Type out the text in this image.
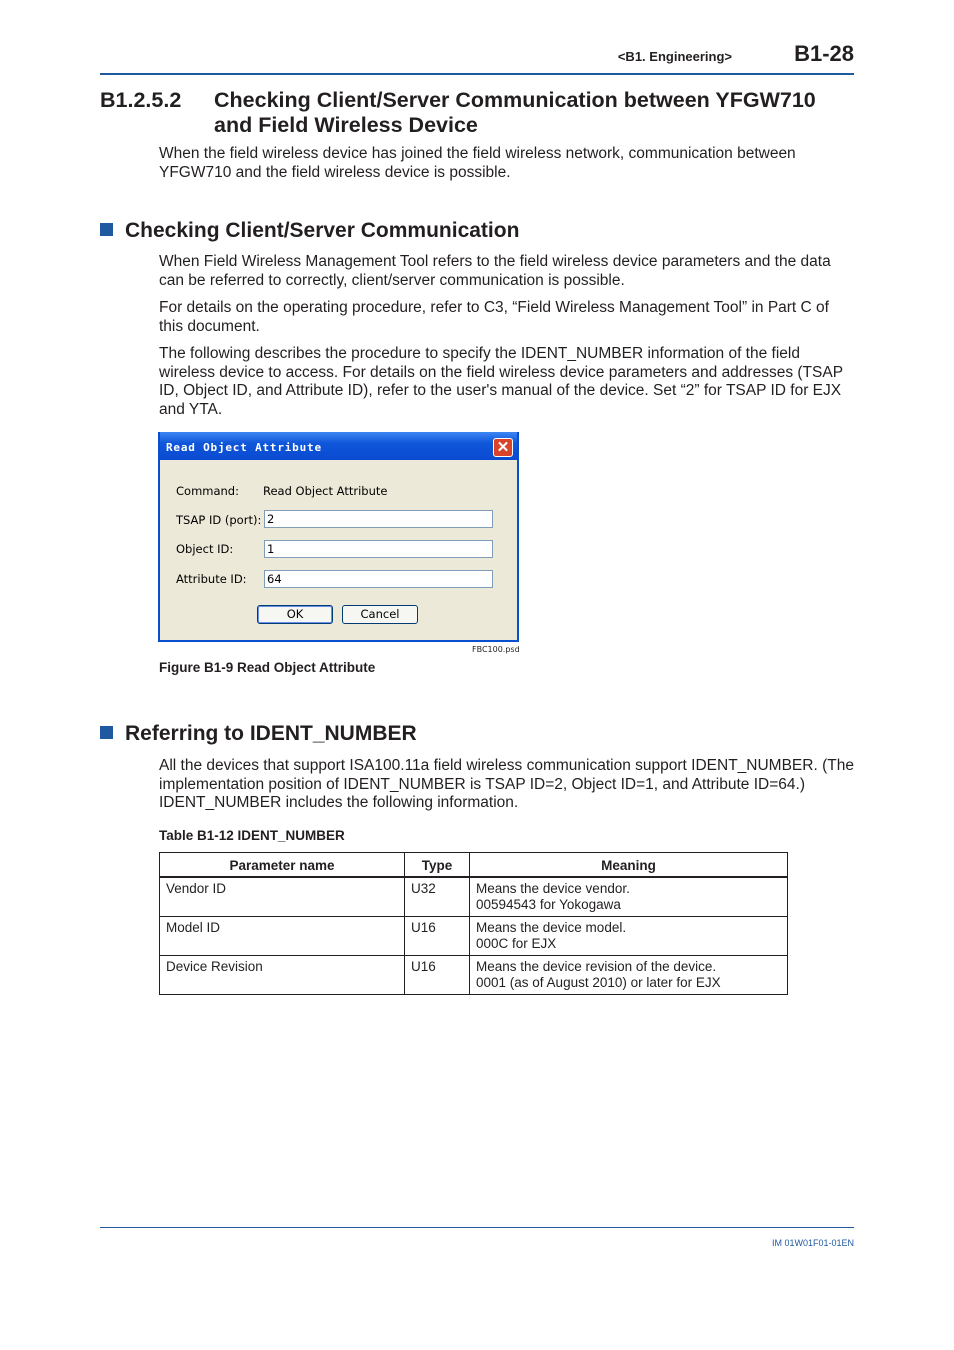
<B1. Engineering>	B1-28
B1.2.5.2 Checking Client/Server Communication between YFGW710 and Field Wireless Device

When the field wireless device has joined the field wireless network, communication between YFGW710 and the field wireless device is possible.

Checking Client/Server Communication

When Field Wireless Management Tool refers to the field wireless device parameters and the data can be referred to correctly, client/server communication is possible.

For details on the operating procedure, refer to C3, “Field Wireless Management Tool” in Part C of this document.

The following describes the procedure to specify the IDENT_NUMBER information of the field wireless device to access. For details on the field wireless device parameters and addresses (TSAP ID, Object ID, and Attribute ID), refer to the user's manual of the device. Set “2” for TSAP ID for EJX and YTA.

Read Object Attribute	✕
Command: Read Object Attribute
TSAP ID (port): 2
Object ID:	1
Attribute ID: 64
OK	Cancel
FBC100.psd
Figure B1-9 Read Object Attribute
Referring to IDENT_NUMBER

All the devices that support ISA100.11a field wireless communication support IDENT_NUMBER. (The implementation position of IDENT_NUMBER is TSAP ID=2, Object ID=1, and Attribute ID=64.) IDENT_NUMBER includes the following information.

Table B1-12 IDENT_NUMBER
Parameter name	Type	Meaning
Vendor ID	U32	Means the device vendor.
00594543 for Yokogawa

Model ID	U16	Means the device model.
000C for EJX

Device Revision	U16	Means the device revision of the device.
0001 (as of August 2010) or later for EJX
IM 01W01F01-01EN
